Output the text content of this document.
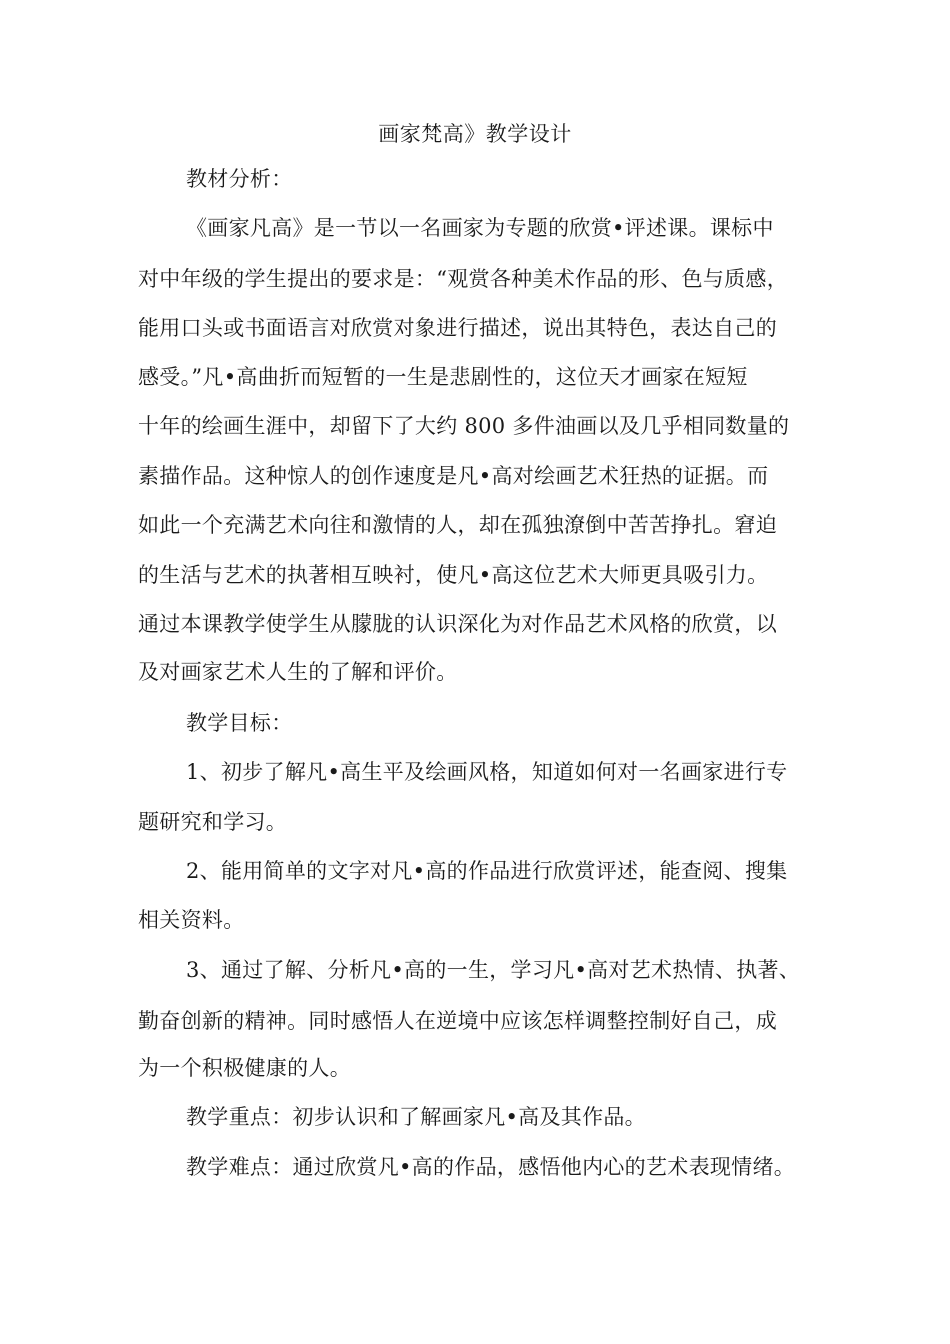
画家梵高》教学设计
教材分析：
《画家凡高》是一节以一名画家为专题的欣赏•评述课。课标中
对中年级的学生提出的要求是：“观赏各种美术作品的形、色与质感，
能用口头或书面语言对欣赏对象进行描述，说出其特色，表达自己的
感受。”凡•高曲折而短暂的一生是悲剧性的，这位天才画家在短短
十年的绘画生涯中，却留下了大约 800 多件油画以及几乎相同数量的
素描作品。这种惊人的创作速度是凡•高对绘画艺术狂热的证据。而
如此一个充满艺术向往和激情的人，却在孤独潦倒中苦苦挣扎。窘迫
的生活与艺术的执著相互映衬，使凡•高这位艺术大师更具吸引力。
通过本课教学使学生从朦胧的认识深化为对作品艺术风格的欣赏，以
及对画家艺术人生的了解和评价。
教学目标：
1、初步了解凡•高生平及绘画风格，知道如何对一名画家进行专
题研究和学习。
2、能用简单的文字对凡•高的作品进行欣赏评述，能查阅、搜集
相关资料。
3、通过了解、分析凡•高的一生，学习凡•高对艺术热情、执著、
勤奋创新的精神。同时感悟人在逆境中应该怎样调整控制好自己，成
为一个积极健康的人。
教学重点：初步认识和了解画家凡•高及其作品。
教学难点：通过欣赏凡•高的作品，感悟他内心的艺术表现情绪。
